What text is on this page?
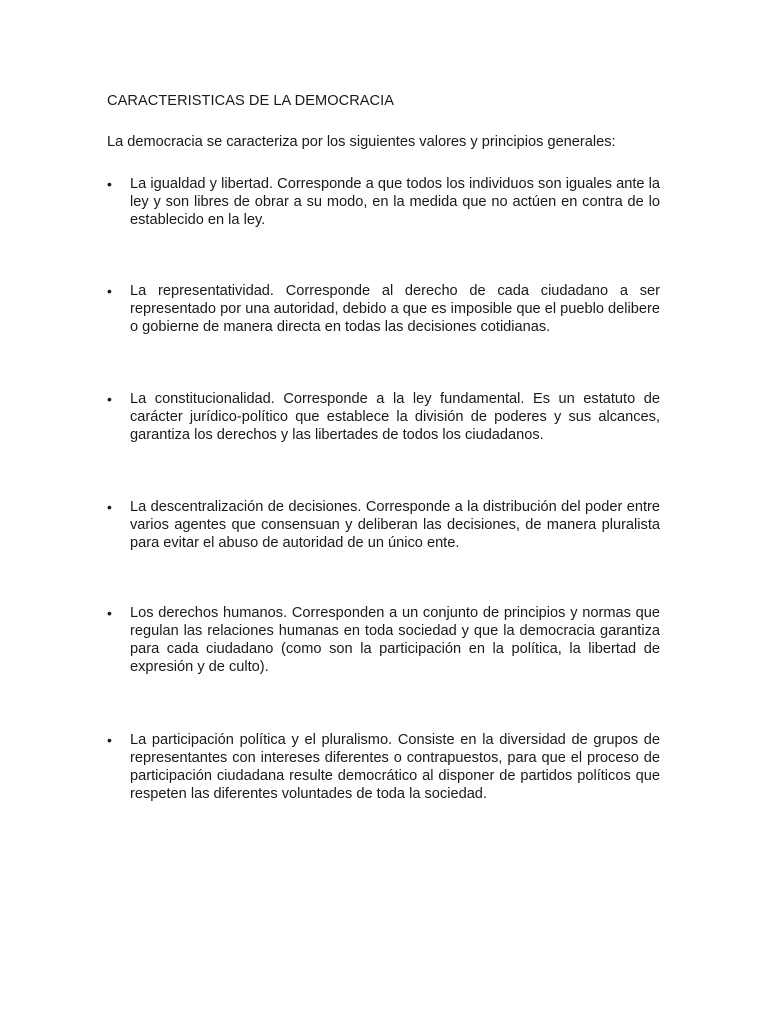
CARACTERISTICAS DE LA DEMOCRACIA
La democracia se caracteriza por los siguientes valores y principios generales:
•	La igualdad y libertad. Corresponde a que todos los individuos son iguales ante la ley y son libres de obrar a su modo, en la medida que no actúen en contra de lo establecido en la ley.
•	La representatividad. Corresponde al derecho de cada ciudadano a ser representado por una autoridad, debido a que es imposible que el pueblo delibere o gobierne de manera directa en todas las decisiones cotidianas.
•	La constitucionalidad. Corresponde a la ley fundamental. Es un estatuto de carácter jurídico-político que establece la división de poderes y sus alcances, garantiza los derechos y las libertades de todos los ciudadanos.
•	La descentralización de decisiones. Corresponde a la distribución del poder entre varios agentes que consensuan y deliberan las decisiones, de manera pluralista para evitar el abuso de autoridad de un único ente.
•	Los derechos humanos. Corresponden a un conjunto de principios y normas que regulan las relaciones humanas en toda sociedad y que la democracia garantiza para cada ciudadano (como son la participación en la política, la libertad de expresión y de culto).
•	La participación política y el pluralismo. Consiste en la diversidad de grupos de representantes con intereses diferentes o contrapuestos, para que el proceso de participación ciudadana resulte democrático al disponer de partidos políticos que respeten las diferentes voluntades de toda la sociedad.
